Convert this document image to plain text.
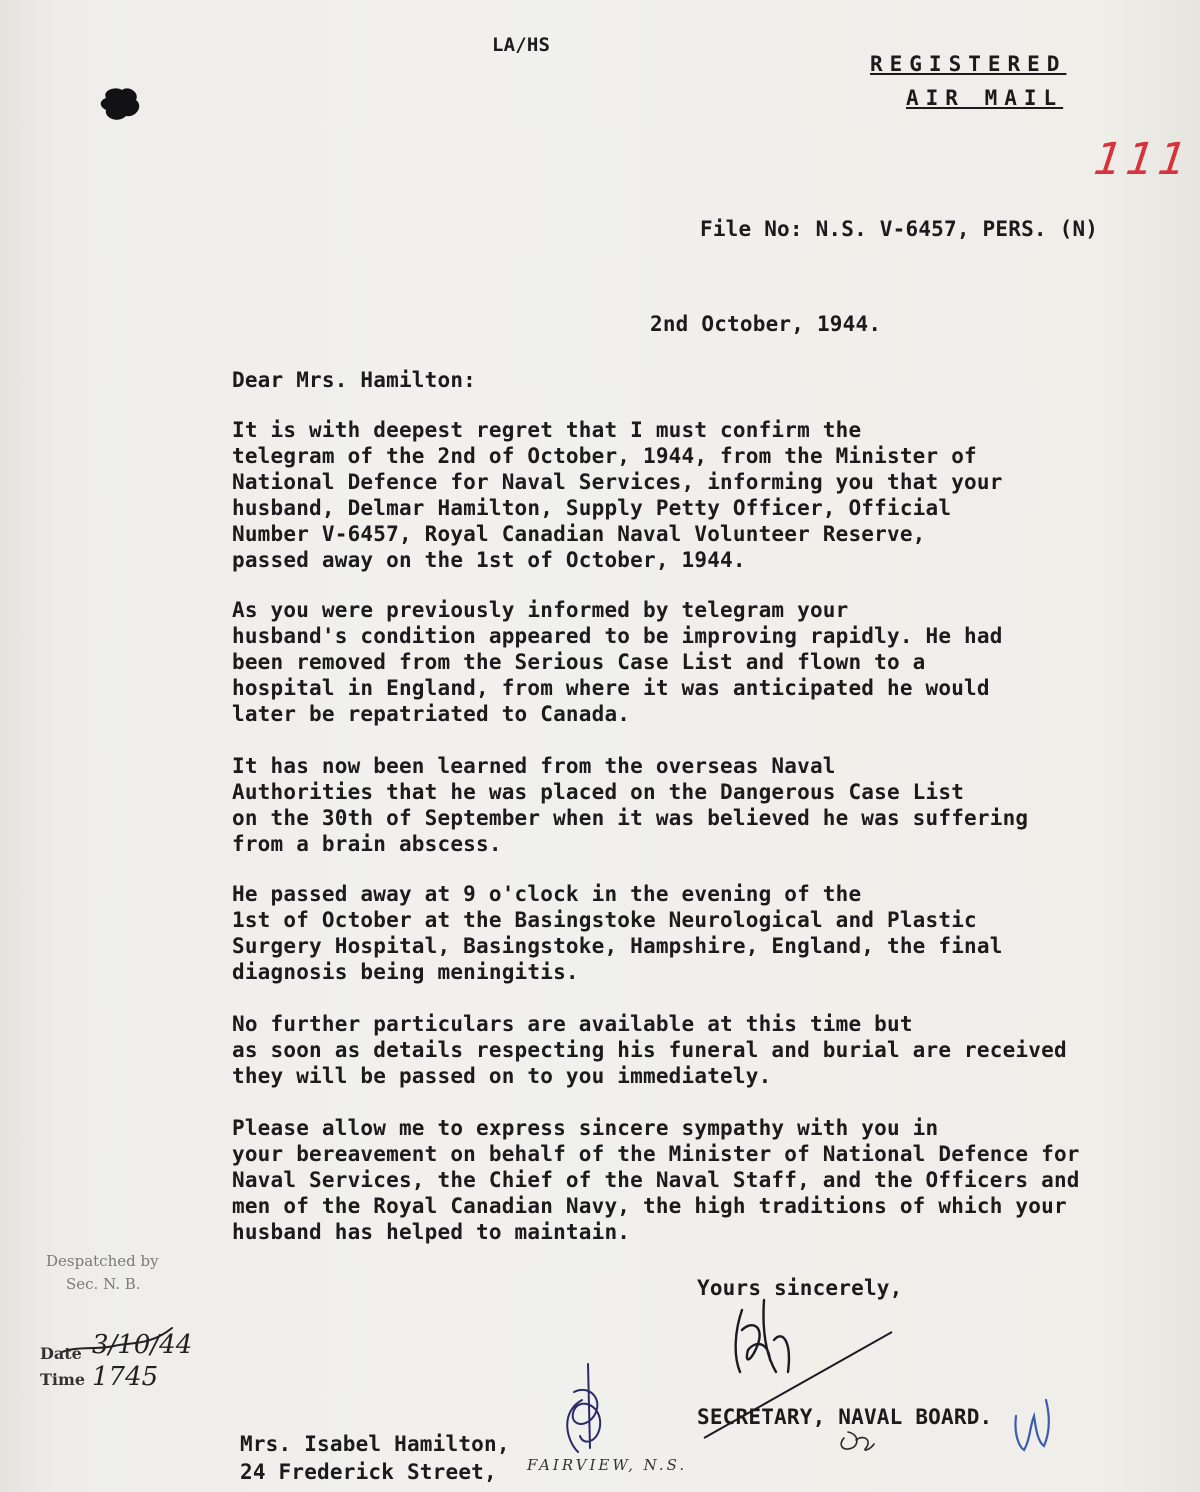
LA/HS
REGISTERED
AIR MAIL
111
File No: N.S. V-6457, PERS. (N)
2nd October, 1944.
Dear Mrs. Hamilton:
It is with deepest regret that I must confirm the
telegram of the 2nd of October, 1944, from the Minister of
National Defence for Naval Services, informing you that your
husband, Delmar Hamilton, Supply Petty Officer, Official
Number V-6457, Royal Canadian Naval Volunteer Reserve,
passed away on the 1st of October, 1944.
As you were previously informed by telegram your
husband's condition appeared to be improving rapidly. He had
been removed from the Serious Case List and flown to a
hospital in England, from where it was anticipated he would
later be repatriated to Canada.
It has now been learned from the overseas Naval
Authorities that he was placed on the Dangerous Case List
on the 30th of September when it was believed he was suffering
from a brain abscess.
He passed away at 9 o'clock in the evening of the
1st of October at the Basingstoke Neurological and Plastic
Surgery Hospital, Basingstoke, Hampshire, England, the final
diagnosis being meningitis.
No further particulars are available at this time but
as soon as details respecting his funeral and burial are received
they will be passed on to you immediately.
Please allow me to express sincere sympathy with you in
your bereavement on behalf of the Minister of National Defence for
Naval Services, the Chief of the Naval Staff, and the Officers and
men of the Royal Canadian Navy, the high traditions of which your
husband has helped to maintain.
Yours sincerely,
SECRETARY, NAVAL BOARD.
Mrs. Isabel Hamilton,
24 Frederick Street, FAIRVIEW, N.S.
Despatched by
Sec. N. B.
Date 3/10/44
Time 1745
